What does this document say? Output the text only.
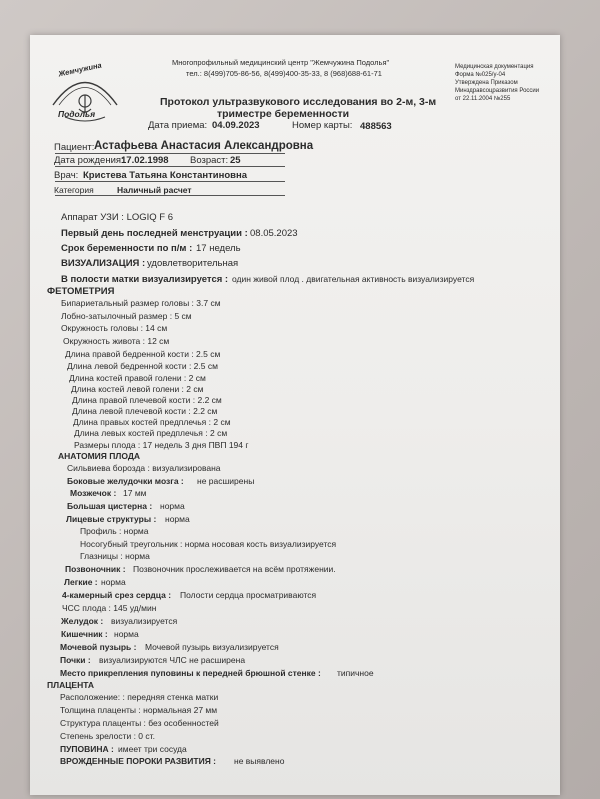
Жемчужина
Подолья
Многопрофильный медицинский центр "Жемчужина Подолья"
тел.: 8(499)705-86-56, 8(499)400-35-33, 8 (968)688-61-71
Медицинская документация
Форма №025/у-04
Утверждена Приказом
Минздравсоцразвития России
от 22.11.2004 №255
Протокол ультразвукового исследования во 2-м, 3-м
триместре беременности
Дата приема: 04.09.2023	Номер карты: 488563
Пациент: Астафьева Анастасия Александровна
Дата рождения:
17.02.1998 Возраст: 25
Врач: Кристева Татьяна Константиновна
Категория	Наличный расчет
Аппарат УЗИ : LOGIQ F 6
Первый день последней менструации : 08.05.2023
Срок беременности по п/м : 17 недель
ВИЗУАЛИЗАЦИЯ : удовлетворительная
В полости матки визуализируется : один живой плод . двигательная активность визуализируется
ФЕТОМЕТРИЯ
Бипариетальный размер головы : 3.7 см
Лобно-затылочный размер : 5 см
Окружность головы : 14 см
Окружность живота : 12 см
Длина правой бедренной кости : 2.5 см
Длина левой бедренной кости : 2.5 см
Длина костей правой голени : 2 см
Длина костей левой голени : 2 см
Длина правой плечевой кости : 2.2 см
Длина левой плечевой кости : 2.2 см
Длина правых костей предплечья : 2 см
Длина левых костей предплечья : 2 см
Размеры плода : 17 недель 3 дня ПВП 194 г
АНАТОМИЯ ПЛОДА
Сильвиева борозда : визуализирована
Боковые желудочки мозга : не расширены
Мозжечок : 17 мм
Большая цистерна : норма
Лицевые структуры : норма
Профиль : норма
Носогубный треугольник : норма носовая кость визуализируется
Глазницы : норма
Позвоночник : Позвоночник прослеживается на всём протяжении.
Легкие : норма
4-камерный срез сердца : Полости сердца просматриваются
ЧСС плода : 145 уд/мин
Желудок : визуализируется
Кишечник : норма
Мочевой пузырь : Мочевой пузырь визуализируется
Почки : визуализируются ЧЛС не расширена
Место прикрепления пуповины к передней брюшной стенке : типичное
ПЛАЦЕНТА
Расположение: : передняя стенка матки
Толщина плаценты : нормальная 27 мм
Структура плаценты : без особенностей
Степень зрелости : 0 ст.
ПУПОВИНА : имеет три сосуда
ВРОЖДЕННЫЕ ПОРОКИ РАЗВИТИЯ : не выявлено
